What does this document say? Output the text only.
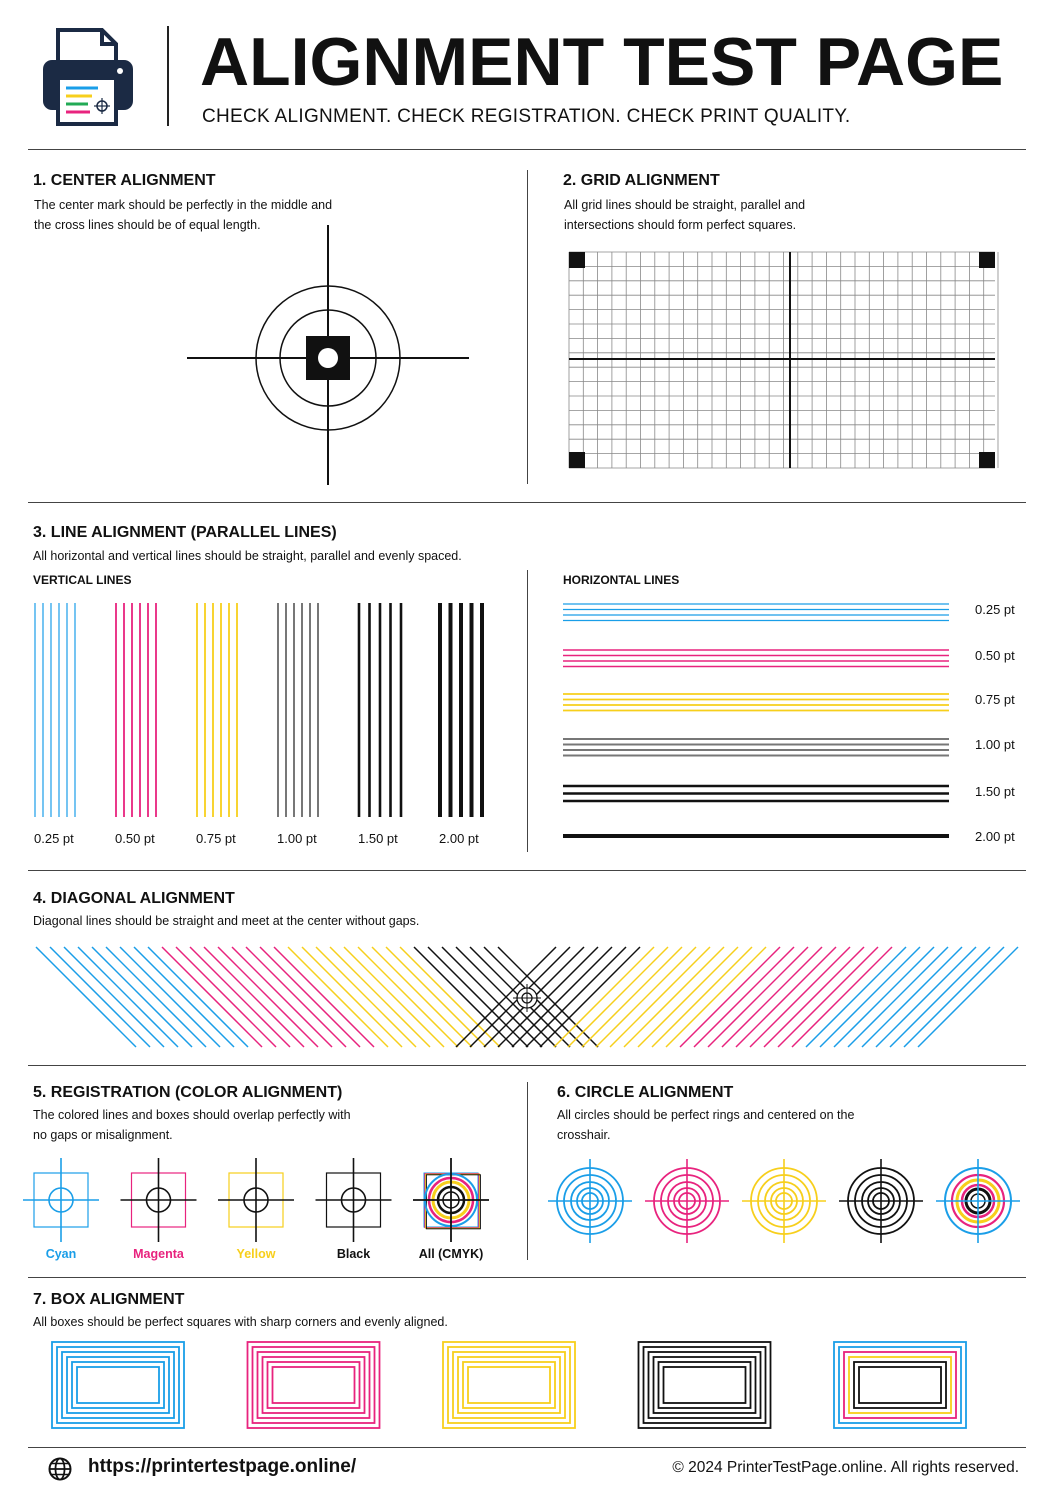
ALIGNMENT TEST PAGE
CHECK ALIGNMENT. CHECK REGISTRATION. CHECK PRINT QUALITY.
1. CENTER ALIGNMENT
The center mark should be perfectly in the middle and the cross lines should be of equal length.
2. GRID ALIGNMENT
All grid lines should be straight, parallel and intersections should form perfect squares.
3. LINE ALIGNMENT (PARALLEL LINES)
All horizontal and vertical lines should be straight, parallel and evenly spaced.
VERTICAL LINES	HORIZONTAL LINES
0.25 pt	0.50 pt	0.75 pt	1.00 pt	1.50 pt	2.00 pt
0.25 pt
0.50 pt
0.75 pt
1.00 pt
1.50 pt
2.00 pt
4. DIAGONAL ALIGNMENT
Diagonal lines should be straight and meet at the center without gaps.
5. REGISTRATION (COLOR ALIGNMENT)
The colored lines and boxes should overlap perfectly with no gaps or misalignment.
Cyan	Magenta	Yellow	Black	All (CMYK)
6. CIRCLE ALIGNMENT
All circles should be perfect rings and centered on the crosshair.
7. BOX ALIGNMENT
All boxes should be perfect squares with sharp corners and evenly aligned.
https://printertestpage.online/	© 2024 PrinterTestPage.online. All rights reserved.
